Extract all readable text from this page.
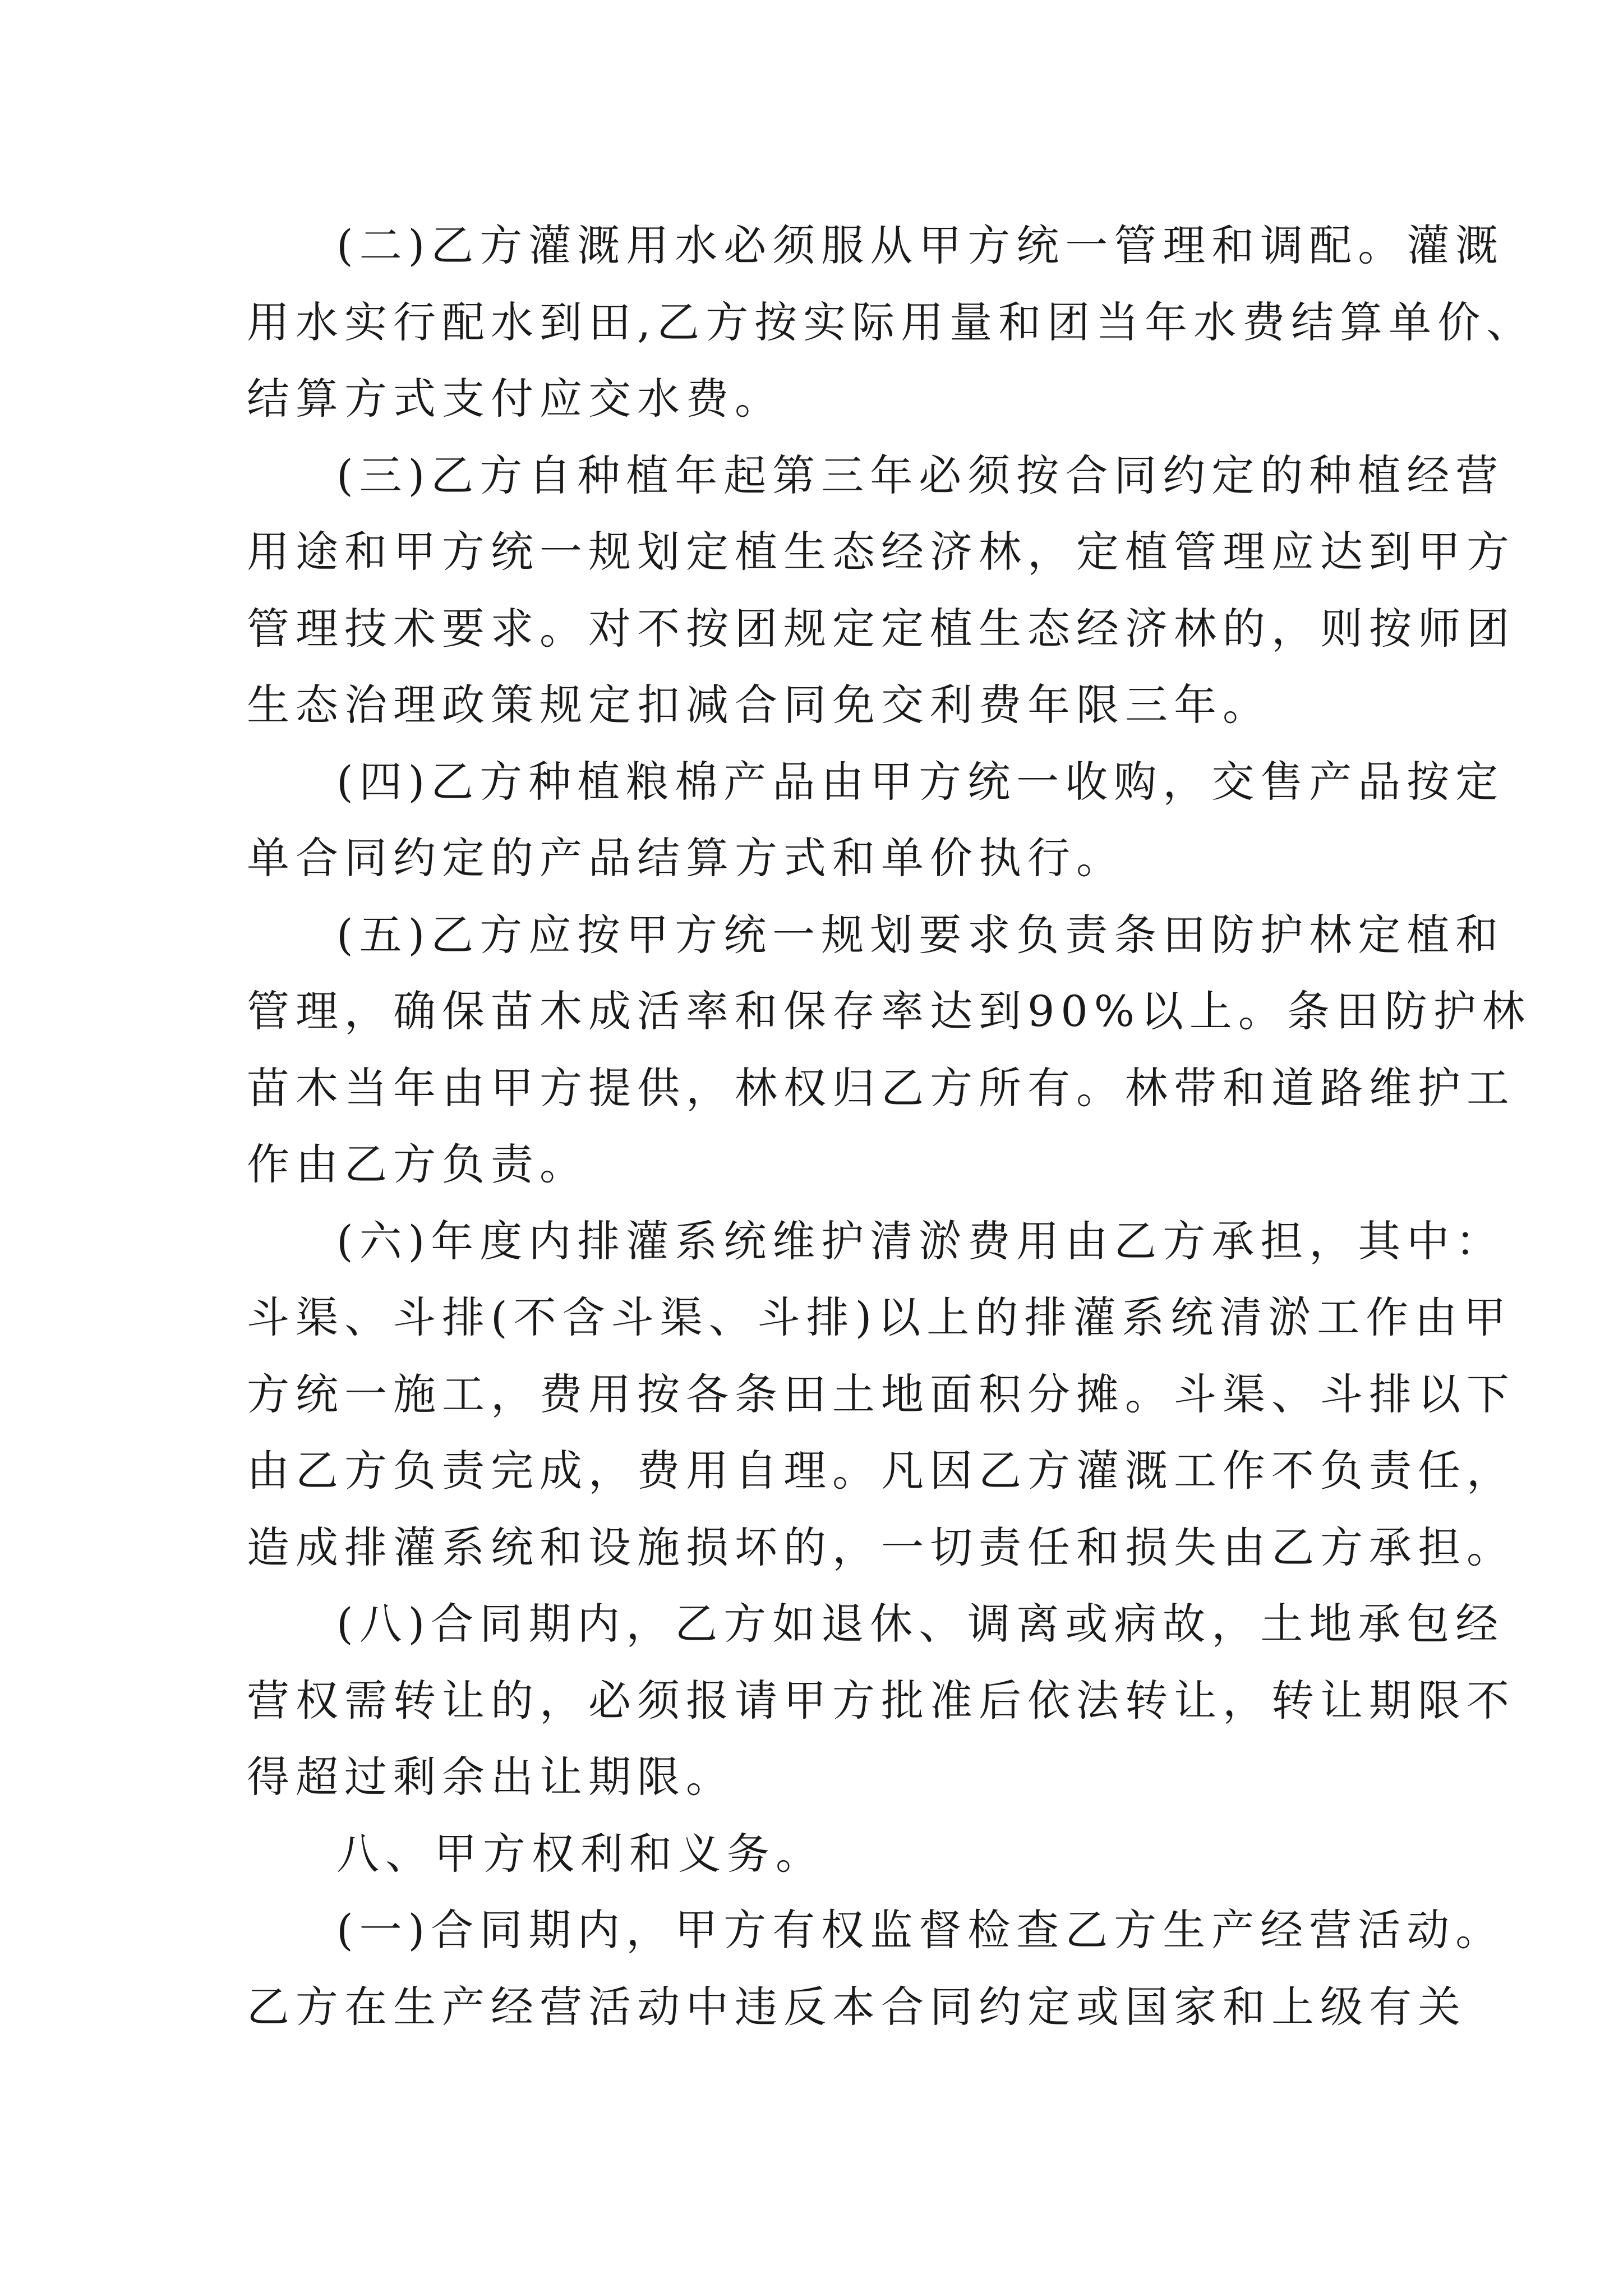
(二)乙方灌溉用水必须服从甲方统一管理和调配。灌溉
用水实行配水到田,乙方按实际用量和团当年水费结算单价、
结算方式支付应交水费。
(三)乙方自种植年起第三年必须按合同约定的种植经营
用途和甲方统一规划定植生态经济林，定植管理应达到甲方
管理技术要求。对不按团规定定植生态经济林的，则按师团
生态治理政策规定扣减合同免交利费年限三年。
(四)乙方种植粮棉产品由甲方统一收购，交售产品按定
单合同约定的产品结算方式和单价执行。
(五)乙方应按甲方统一规划要求负责条田防护林定植和
管理，确保苗木成活率和保存率达到90%以上。条田防护林
苗木当年由甲方提供，林权归乙方所有。林带和道路维护工
作由乙方负责。
(六)年度内排灌系统维护清淤费用由乙方承担，其中：
斗渠、斗排(不含斗渠、斗排)以上的排灌系统清淤工作由甲
方统一施工，费用按各条田土地面积分摊。斗渠、斗排以下
由乙方负责完成，费用自理。凡因乙方灌溉工作不负责任，
造成排灌系统和设施损坏的，一切责任和损失由乙方承担。
(八)合同期内，乙方如退休、调离或病故，土地承包经
营权需转让的，必须报请甲方批准后依法转让，转让期限不
得超过剩余出让期限。
八、甲方权利和义务。
(一)合同期内，甲方有权监督检查乙方生产经营活动。
乙方在生产经营活动中违反本合同约定或国家和上级有关
